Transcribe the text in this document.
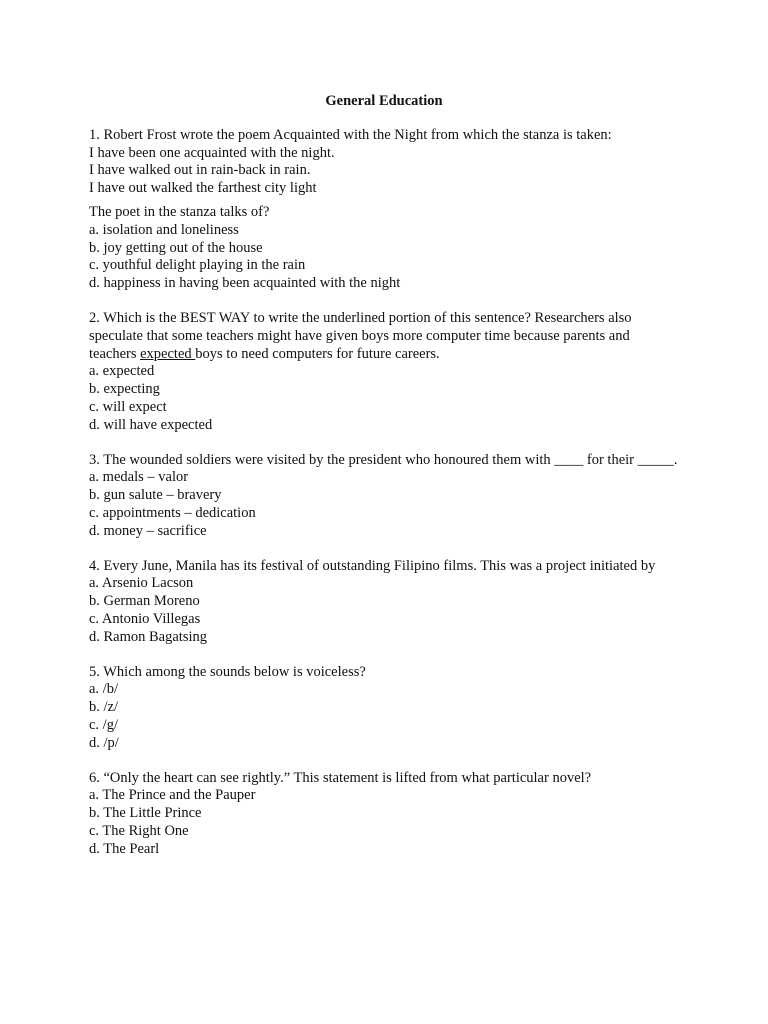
General Education
1. Robert Frost wrote the poem Acquainted with the Night from which the stanza is taken:
I have been one acquainted with the night.
I have walked out in rain-back in rain.
I have out walked the farthest city light
The poet in the stanza talks of?
a. isolation and loneliness
b. joy getting out of the house
c. youthful delight playing in the rain
d. happiness in having been acquainted with the night
2. Which is the BEST WAY to write the underlined portion of this sentence? Researchers also speculate that some teachers might have given boys more computer time because parents and teachers expected boys to need computers for future careers.
a. expected
b. expecting
c. will expect
d. will have expected
3. The wounded soldiers were visited by the president who honoured them with ____ for their _____.
a. medals – valor
b. gun salute – bravery
c. appointments – dedication
d. money – sacrifice
4. Every June, Manila has its festival of outstanding Filipino films. This was a project initiated by
a. Arsenio Lacson
b. German Moreno
c. Antonio Villegas
d. Ramon Bagatsing
5. Which among the sounds below is voiceless?
a. /b/
b. /z/
c. /g/
d. /p/
6. “Only the heart can see rightly.” This statement is lifted from what particular novel?
a. The Prince and the Pauper
b. The Little Prince
c. The Right One
d. The Pearl
